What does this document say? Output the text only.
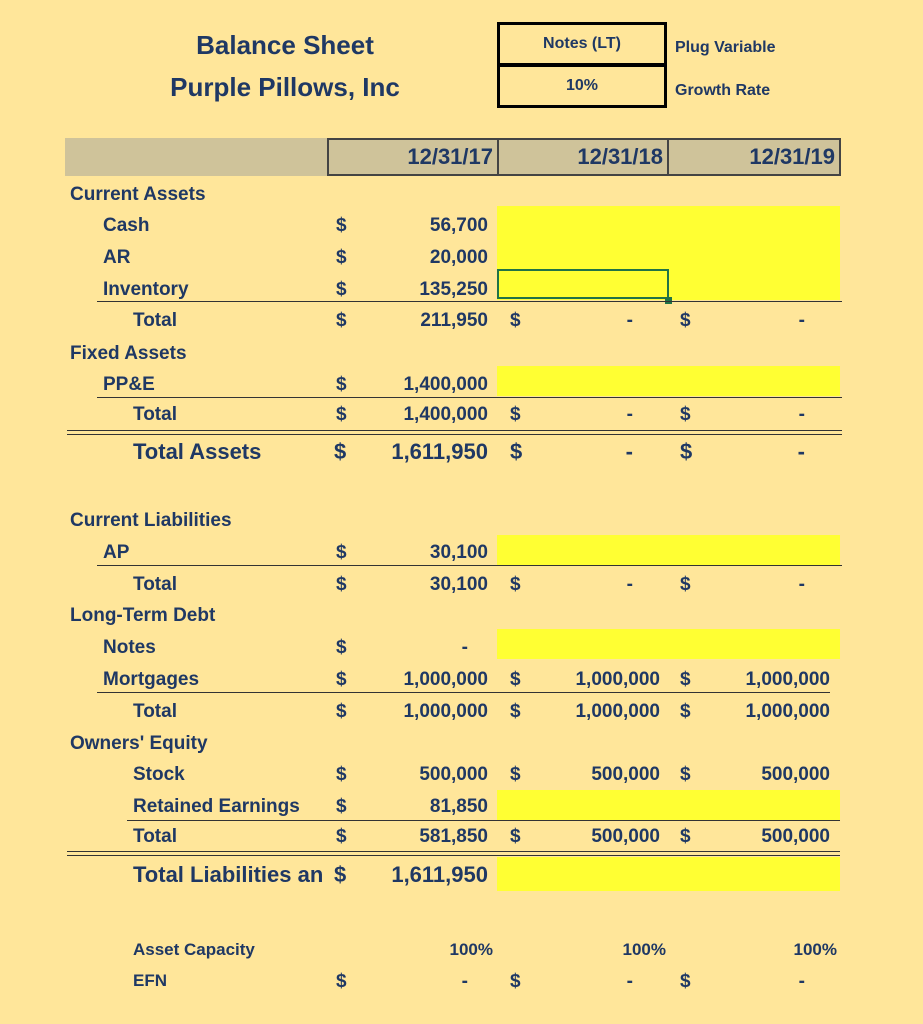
Balance Sheet
Purple Pillows, Inc
Notes (LT)
10%
Plug Variable
Growth Rate
12/31/17	12/31/18	12/31/19
Current Assets
Fixed Assets
Current Liabilities
Long-Term Debt
Owners' Equity
Cash	$	56,700
AR	$	20,000
Inventory	$	135,250
Total	$	211,950 $	- $	-
PP&E	$	1,400,000
Total	$	1,400,000 $	- $	-
Total Assets	$ 1,611,950 $	- $	-
AP	$	30,100
Total	$	30,100 $	- $	-
Notes	$	-
Mortgages	$	1,000,000 $	1,000,000 $	1,000,000
Total	$	1,000,000 $	1,000,000 $	1,000,000
Stock	$	500,000 $	500,000 $	500,000
Retained Earnings $	81,850
Total	$	581,850 $	500,000 $	500,000
Total Liabilities an $ 1,611,950
Asset Capacity	100%	100%	100%
EFN	$	- $	- $	-
